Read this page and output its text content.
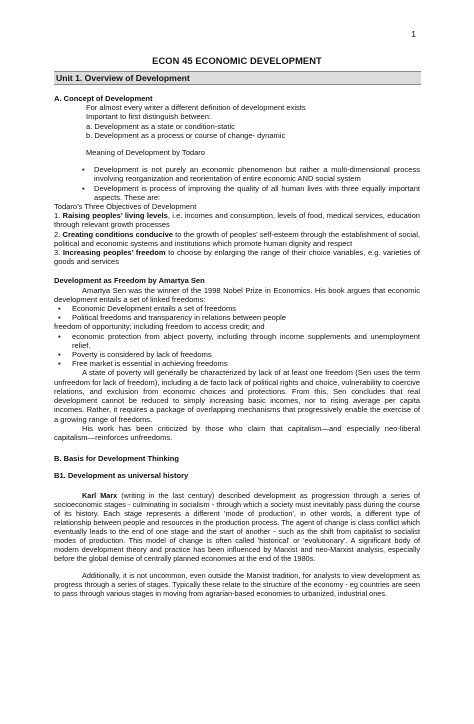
1
ECON 45 ECONOMIC DEVELOPMENT
Unit 1. Overview of Development

A. Concept of Development

For almost every writer a different definition of development exists

Important to first distinguish between:

a. Development as a state or condition-static

b. Development as a process or course of change- dynamic

Meaning of Development by Todaro

▪ Development is not purely an economic phenomenon but rather a multi-dimensional process involving reorganization and reorientation of entire economic AND social system
▪ Development is process of improving the quality of all human lives with three equally important aspects. These are:

Todaro’s Three Objectives of Development

1. Raising peoples’ living levels, i.e. incomes and consumption, levels of food, medical services, education through relevant growth processes

2. Creating conditions conducive to the growth of peoples’ self-esteem through the establishment of social, political and economic systems and institutions which promote human dignity and respect

3. Increasing peoples’ freedom to choose by enlarging the range of their choice variables, e.g. varieties of goods and services

Development as Freedom by Amartya Sen

Amartya Sen was the winner of the 1998 Nobel Prize in Economics. His book argues that economic development entails a set of linked freedoms:

▪ Economic Development entails a set of freedoms
▪ Political freedoms and transparency in relations between people

freedom of opportunity; including freedom to access credit; and

▪ economic protection from abject poverty, including through income supplements and unemployment relief.
▪ Poverty is considered by lack of freedoms
▪ Free market is essential in achieving freedoms

A state of poverty will generally be characterized by lack of at least one freedom (Sen uses the term unfreedom for lack of freedom), including a de facto lack of political rights and choice, vulnerability to coercive relations, and exclusion from economic choices and protections. From this, Sen concludes that real development cannot be reduced to simply increasing basic incomes, nor to rising average per capita incomes. Rather, it requires a package of overlapping mechanisms that progressively enable the exercise of a growing range of freedoms.

His work has been criticized by those who claim that capitalism—and especially neo-liberal capitalism—reinforces unfreedoms.

B. Basis for Development Thinking

B1. Development as universal history

Karl Marx (writing in the last century) described development as progression through a series of socioeconomic stages - culminating in socialism - through which a society must inevitably pass during the course of its history. Each stage represents a different 'mode of production', in other words, a different type of relationship between people and resources in the production process. The agent of change is class conflict which eventually leads to the end of one stage and the start of another - such as the shift from capitalist to socialist modes of production. This model of change is often called 'historical' or 'evolutionary'. A significant body of modern development theory and practice has been influenced by Marxist and neo-Marxist analysis, especially before the global demise of centrally planned economies at the end of the 1980s.

Additionally, it is not uncommon, even outside the Marxist tradition, for analysts to view development as progress through a series of stages. Typically these relate to the structure of the economy - eg countries are seen to pass through various stages in moving from agrarian-based economies to urbanized, industrial ones.
